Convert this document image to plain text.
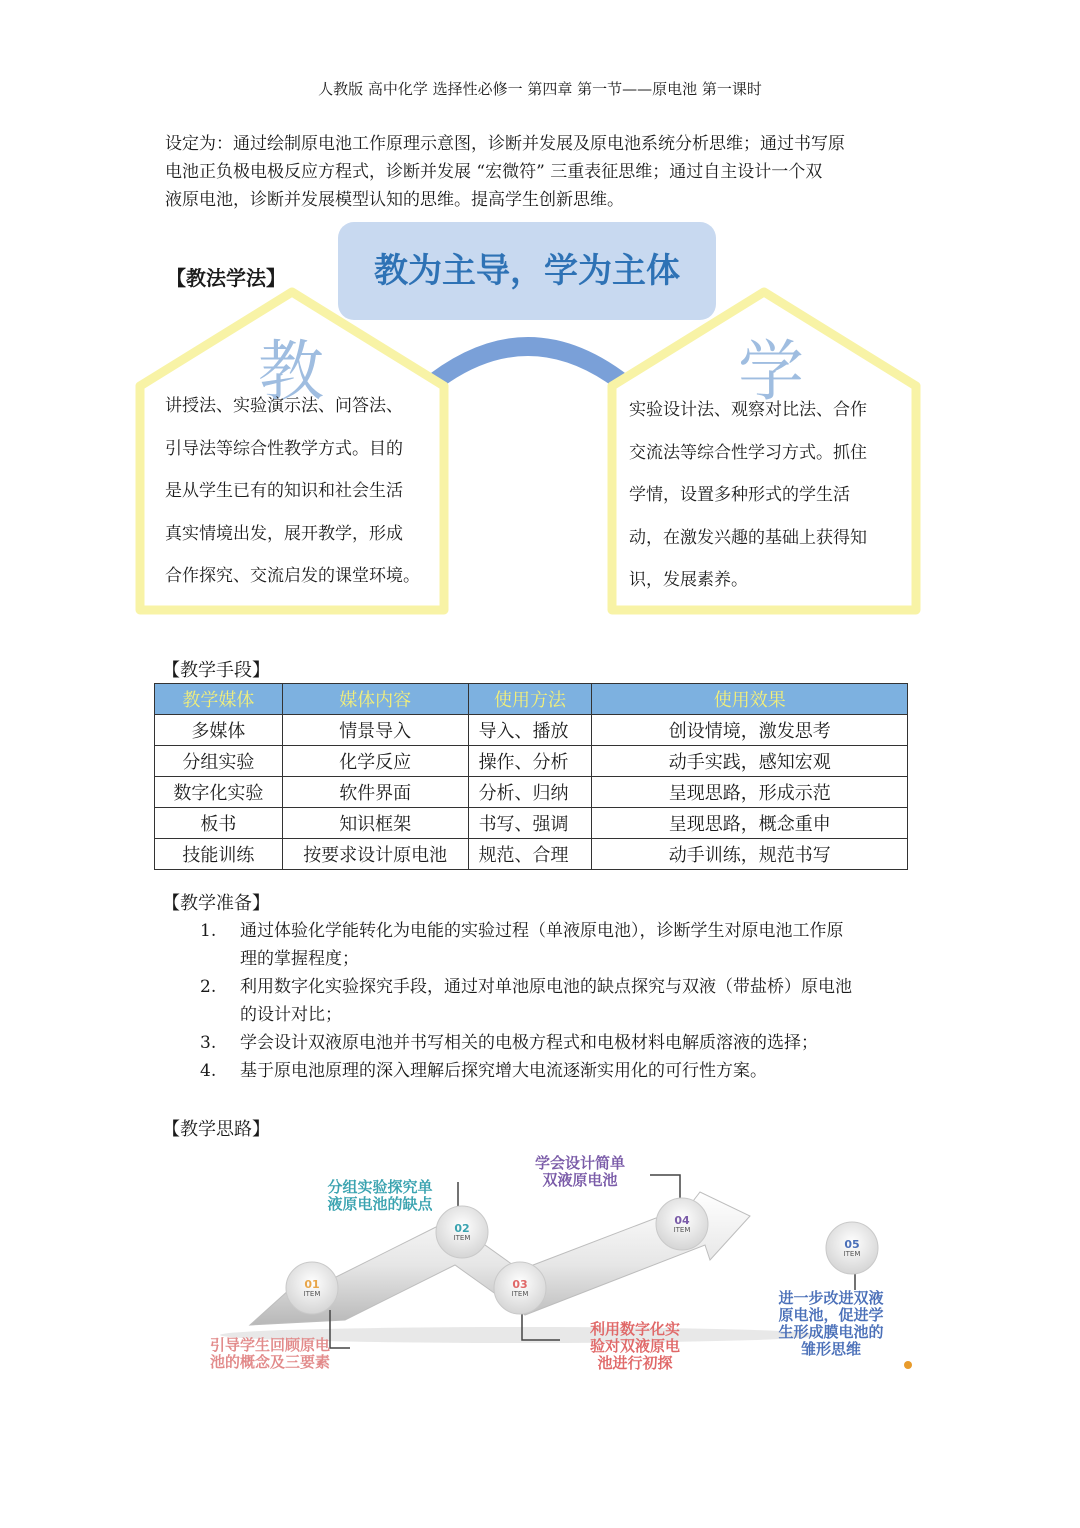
人教版 高中化学 选择性必修一 第四章 第一节——原电池 第一课时
设定为：通过绘制原电池工作原理示意图，诊断并发展及原电池系统分析思维；通过书写原
电池正负极电极反应方程式，诊断并发展 “宏微符” 三重表征思维；通过自主设计一个双
液原电池，诊断并发展模型认知的思维。提高学生创新思维。
【教法学法】	教为主导，学为主体
教	学
讲授法、实验演示法、问答法、
引导法等综合性教学方式。目的
是从学生已有的知识和社会生活
真实情境出发，展开教学，形成
合作探究、交流启发的课堂环境。
实验设计法、观察对比法、合作
交流法等综合性学习方式。抓住
学情，设置多种形式的学生活
动，在激发兴趣的基础上获得知
识，发展素养。
【教学手段】
教学媒体	媒体内容	使用方法	使用效果
多媒体	情景导入	导入、播放	创设情境，激发思考
分组实验	化学反应	操作、分析	动手实践，感知宏观
数字化实验	软件界面	分析、归纳	呈现思路，形成示范
板书	知识框架	书写、强调	呈现思路，概念重申
技能训练	按要求设计原电池	规范、合理	动手训练，规范书写
【教学准备】
1.	通过体验化学能转化为电能的实验过程（单液原电池），诊断学生对原电池工作原
理的掌握程度；
2.	利用数字化实验探究手段，通过对单池原电池的缺点探究与双液（带盐桥）原电池
的设计对比；
3.	学会设计双液原电池并书写相关的电极方程式和电极材料电解质溶液的选择；
4.	基于原电池原理的深入理解后探究增大电流逐渐实用化的可行性方案。
【教学思路】
01
ITEM
02
ITEM
03
ITEM
04
ITEM
05
ITEM
引导学生回顾原电
池的概念及三要素
分组实验探究单
液原电池的缺点
利用数字化实
验对双液原电
池进行初探
学会设计简单
双液原电池
进一步改进双液
原电池，促进学
生形成膜电池的
雏形思维
